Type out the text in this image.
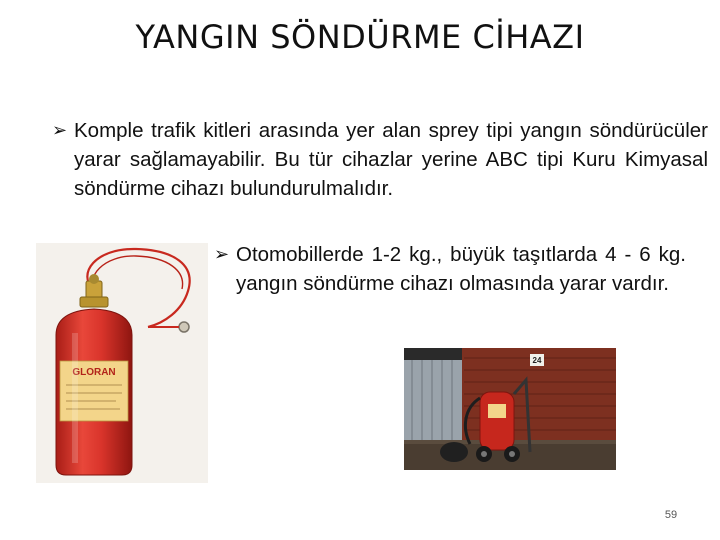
YANGIN SÖNDÜRME CİHAZI
➢ Komple trafik kitleri arasında yer alan sprey tipi yangın söndürücüler yarar sağlamayabilir. Bu tür cihazlar yerine ABC tipi Kuru Kimyasal söndürme cihazı bulundurulmalıdır.
➢ Otomobillerde 1-2 kg., büyük taşıtlarda 4 - 6 kg. yangın söndürme cihazı olmasında yarar vardır.
GLORAN
24
59
